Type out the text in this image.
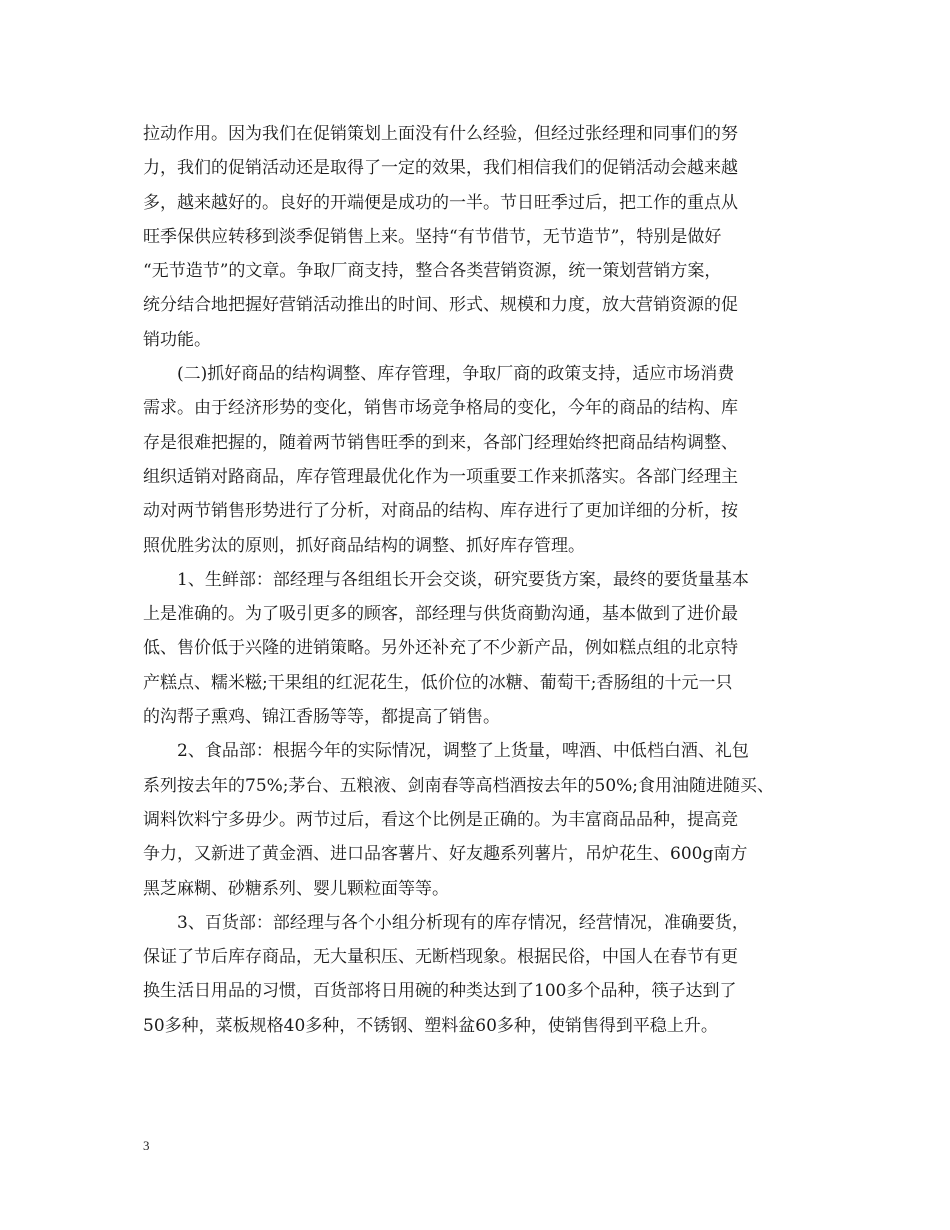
拉动作用。因为我们在促销策划上面没有什么经验，但经过张经理和同事们的努
力，我们的促销活动还是取得了一定的效果，我们相信我们的促销活动会越来越
多，越来越好的。良好的开端便是成功的一半。节日旺季过后，把工作的重点从
旺季保供应转移到淡季促销售上来。坚持“有节借节，无节造节”，特别是做好
“无节造节”的文章。争取厂商支持，整合各类营销资源，统一策划营销方案，
统分结合地把握好营销活动推出的时间、形式、规模和力度，放大营销资源的促
销功能。
　　(二)抓好商品的结构调整、库存管理，争取厂商的政策支持，适应市场消费
需求。由于经济形势的变化，销售市场竞争格局的变化，今年的商品的结构、库
存是很难把握的，随着两节销售旺季的到来，各部门经理始终把商品结构调整、
组织适销对路商品，库存管理最优化作为一项重要工作来抓落实。各部门经理主
动对两节销售形势进行了分析，对商品的结构、库存进行了更加详细的分析，按
照优胜劣汰的原则，抓好商品结构的调整、抓好库存管理。
　　1、生鲜部：部经理与各组组长开会交谈，研究要货方案，最终的要货量基本
上是准确的。为了吸引更多的顾客，部经理与供货商勤沟通，基本做到了进价最
低、售价低于兴隆的进销策略。另外还补充了不少新产品，例如糕点组的北京特
产糕点、糯米糍;干果组的红泥花生，低价位的冰糖、葡萄干;香肠组的十元一只
的沟帮子熏鸡、锦江香肠等等，都提高了销售。
　　2、食品部：根据今年的实际情况，调整了上货量，啤酒、中低档白酒、礼包
系列按去年的75%;茅台、五粮液、剑南春等高档酒按去年的50%;食用油随进随买、
调料饮料宁多毋少。两节过后，看这个比例是正确的。为丰富商品品种，提高竞
争力，又新进了黄金酒、进口品客薯片、好友趣系列薯片，吊炉花生、600g南方
黑芝麻糊、砂糖系列、婴儿颗粒面等等。
　　3、百货部：部经理与各个小组分析现有的库存情况，经营情况，准确要货，
保证了节后库存商品，无大量积压、无断档现象。根据民俗，中国人在春节有更
换生活日用品的习惯，百货部将日用碗的种类达到了100多个品种，筷子达到了
50多种，菜板规格40多种，不锈钢、塑料盆60多种，使销售得到平稳上升。
3
